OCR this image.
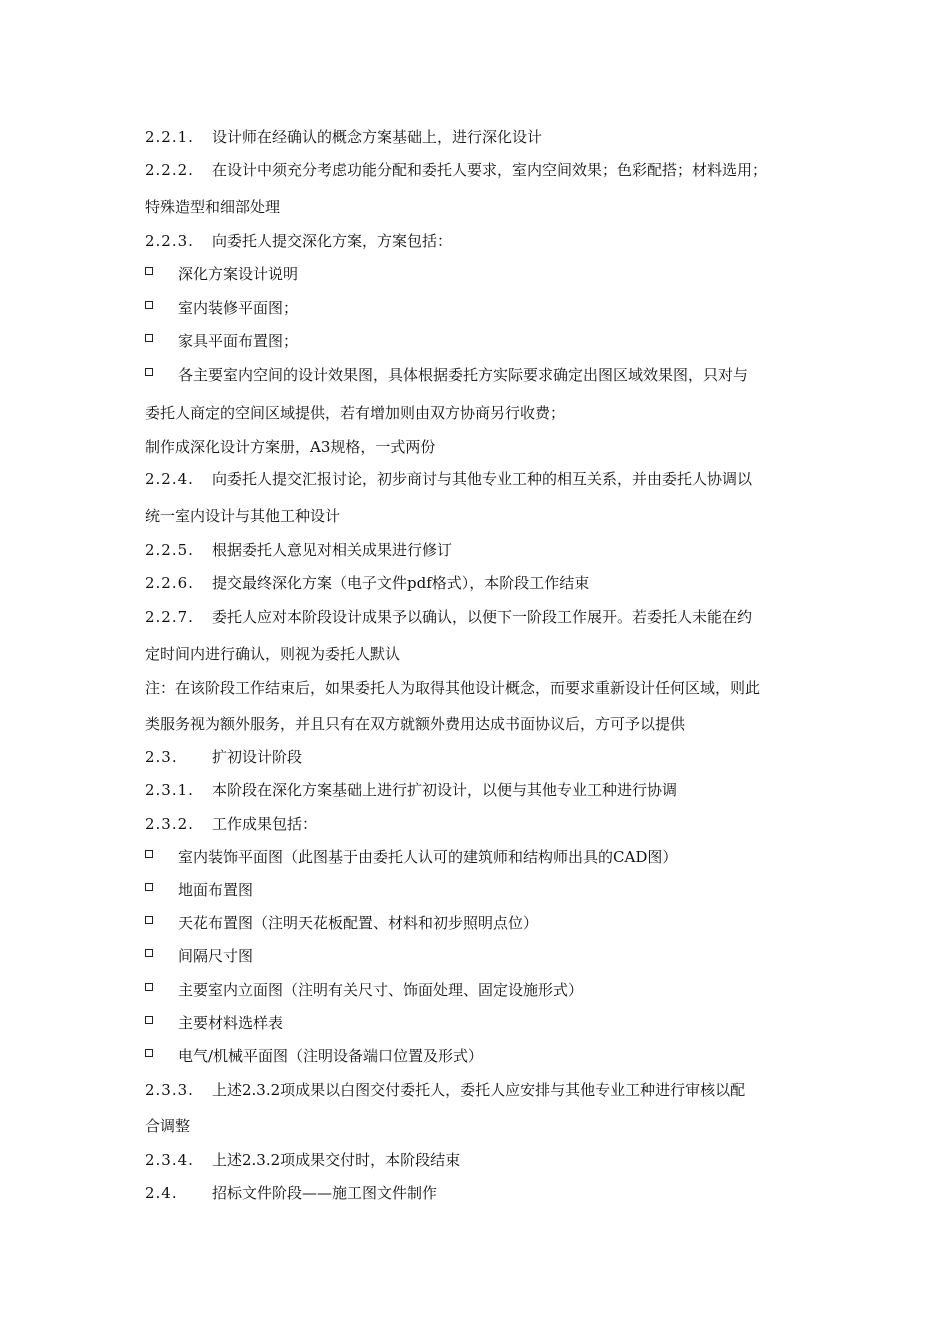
2.2.1. 设计师在经确认的概念方案基础上，进行深化设计
2.2.2. 在设计中须充分考虑功能分配和委托人要求，室内空间效果；色彩配搭；材料选用；
特殊造型和细部处理
2.2.3. 向委托人提交深化方案，方案包括：
深化方案设计说明
室内装修平面图；
家具平面布置图；
各主要室内空间的设计效果图，具体根据委托方实际要求确定出图区域效果图，只对与
委托人商定的空间区域提供，若有增加则由双方协商另行收费；
制作成深化设计方案册，A3规格，一式两份
2.2.4. 向委托人提交汇报讨论，初步商讨与其他专业工种的相互关系，并由委托人协调以
统一室内设计与其他工种设计
2.2.5. 根据委托人意见对相关成果进行修订
2.2.6. 提交最终深化方案（电子文件pdf格式），本阶段工作结束
2.2.7. 委托人应对本阶段设计成果予以确认，以便下一阶段工作展开。若委托人未能在约
定时间内进行确认，则视为委托人默认
注：在该阶段工作结束后，如果委托人为取得其他设计概念，而要求重新设计任何区域，则此
类服务视为额外服务，并且只有在双方就额外费用达成书面协议后，方可予以提供
2.3. 扩初设计阶段
2.3.1. 本阶段在深化方案基础上进行扩初设计，以便与其他专业工种进行协调
2.3.2. 工作成果包括：
室内装饰平面图（此图基于由委托人认可的建筑师和结构师出具的CAD图）
地面布置图
天花布置图（注明天花板配置、材料和初步照明点位）
间隔尺寸图
主要室内立面图（注明有关尺寸、饰面处理、固定设施形式）
主要材料选样表
电气/机械平面图（注明设备端口位置及形式）
2.3.3. 上述2.3.2项成果以白图交付委托人，委托人应安排与其他专业工种进行审核以配
合调整
2.3.4. 上述2.3.2项成果交付时，本阶段结束
2.4. 招标文件阶段——施工图文件制作
